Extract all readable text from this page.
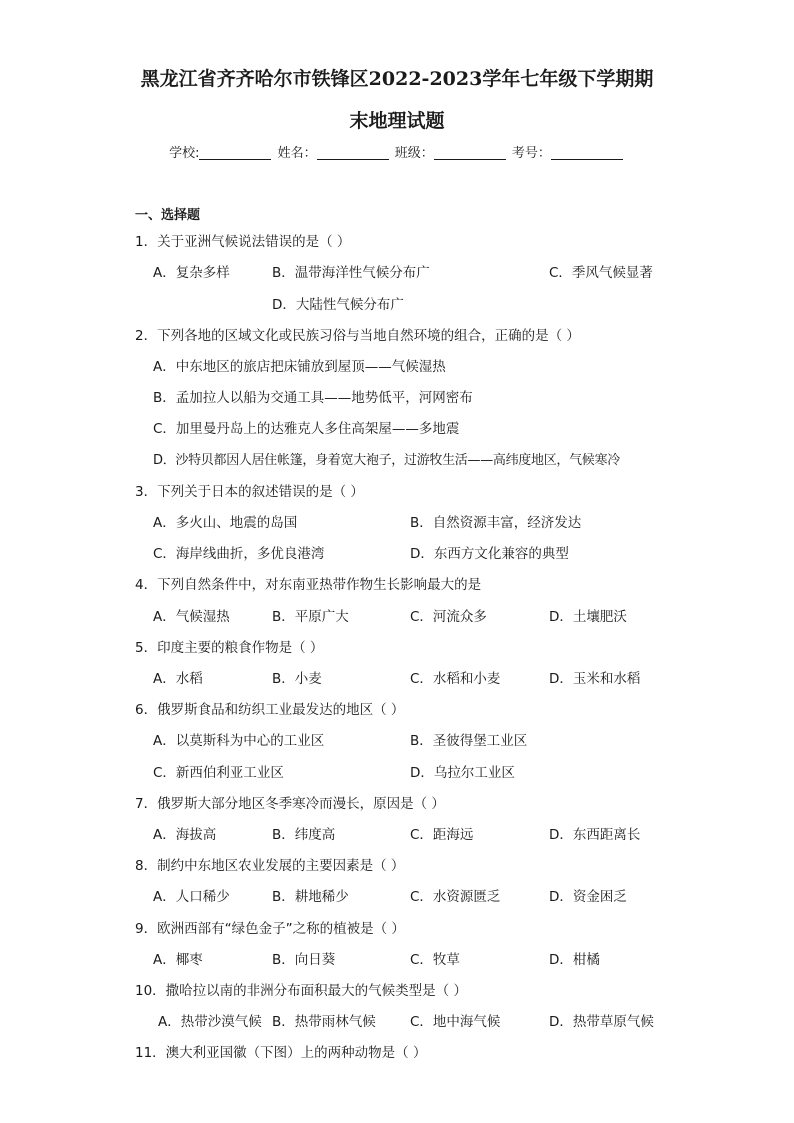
黑龙江省齐齐哈尔市铁锋区2022-2023学年七年级下学期期
末地理试题
学校:	姓名：	班级：	考号：
一、选择题
1．关于亚洲气候说法错误的是（ ）
A．复杂多样	B．温带海洋性气候分布广	C．季风气候显著
D．大陆性气候分布广
2．下列各地的区域文化或民族习俗与当地自然环境的组合，正确的是（ ）
A．中东地区的旅店把床铺放到屋顶——气候湿热
B．孟加拉人以船为交通工具——地势低平，河网密布
C．加里曼丹岛上的达雅克人多住高架屋——多地震
D．沙特贝都因人居住帐篷，身着宽大袍子，过游牧生活——高纬度地区，气候寒冷
3．下列关于日本的叙述错误的是（ ）
A．多火山、地震的岛国	B．自然资源丰富，经济发达
C．海岸线曲折，多优良港湾	D．东西方文化兼容的典型
4．下列自然条件中，对东南亚热带作物生长影响最大的是
A．气候湿热	B．平原广大	C．河流众多	D．土壤肥沃
5．印度主要的粮食作物是（ ）
A．水稻	B．小麦	C．水稻和小麦	D．玉米和水稻
6．俄罗斯食品和纺织工业最发达的地区（ ）
A．以莫斯科为中心的工业区	B．圣彼得堡工业区
C．新西伯利亚工业区	D．乌拉尔工业区
7．俄罗斯大部分地区冬季寒冷而漫长，原因是（ ）
A．海拔高	B．纬度高	C．距海远	D．东西距离长
8．制约中东地区农业发展的主要因素是（ ）
A．人口稀少	B．耕地稀少	C．水资源匮乏	D．资金困乏
9．欧洲西部有“绿色金子”之称的植被是（ ）
A．椰枣	B．向日葵	C．牧草	D．柑橘
10．撒哈拉以南的非洲分布面积最大的气候类型是（ ）
A．热带沙漠气候 B．热带雨林气候	C．地中海气候	D．热带草原气候
11．澳大利亚国徽（下图）上的两种动物是（ ）
